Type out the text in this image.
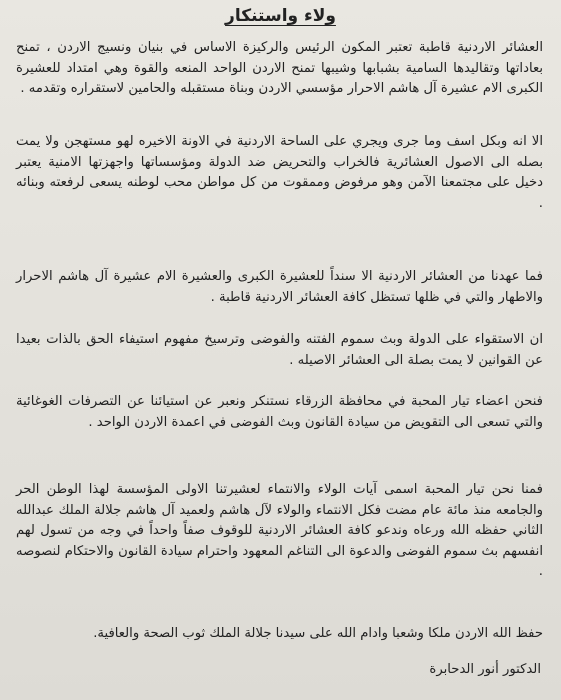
ولاء واستنكار

العشائر الاردنية قاطبة تعتبر المكون الرئيس والركيزة الاساس في بنيان ونسيج الاردن ، تمنح بعاداتها وتقاليدها السامية بشبابها وشيبها تمنح الاردن الواحد المنعه والقوة وهي امتداد للعشيرة الكبرى الام عشيرة آل هاشم الاحرار مؤسسي الاردن وبناة مستقبله والحامين لاستقراره وتقدمه .

الا انه وبكل اسف وما جرى ويجري على الساحة الاردنية في الاونة الاخيره لهو مستهجن ولا يمت بصله الى الاصول العشائرية فالخراب والتحريض ضد الدولة ومؤسساتها واجهزتها الامنية يعتبر دخيل على مجتمعنا الآمن وهو مرفوض وممقوت من كل مواطن محب لوطنه يسعى لرفعته وبنائه .

فما عهدنا من العشائر الاردنية الا سنداً للعشيرة الكبرى والعشيرة الام عشيرة آل هاشم الاحرار والاطهار والتي في ظلها تستظل كافة العشائر الاردنية قاطبة .

ان الاستقواء على الدولة وبث سموم الفتنه والفوضى وترسيخ مفهوم استيفاء الحق بالذات بعيدا عن القوانين لا يمت بصلة الى العشائر الاصيله .

فنحن اعضاء تيار المحبة في محافظة الزرقاء نستنكر ونعبر عن استيائنا عن التصرفات الغوغائية والتي تسعى الى التقويض من سيادة القانون وبث الفوضى في اعمدة الاردن الواحد .

فمنا نحن تيار المحبة اسمى آيات الولاء والانتماء لعشيرتنا الاولى المؤسسة لهذا الوطن الحر والجامعه منذ مائة عام مضت فكل الانتماء والولاء لآل هاشم ولعميد آل هاشم جلالة الملك عبدالله الثاني حفظه الله ورعاه وندعو كافة العشائر الاردنية للوقوف صفاً واحداً في وجه من تسول لهم انفسهم بث سموم الفوضى والدعوة الى التناغم المعهود واحترام سيادة القانون والاحتكام لنصوصه .

حفظ الله الاردن ملكا وشعبا وادام الله على سيدنا جلالة الملك ثوب الصحة والعافية.

الدكتور أنور الدحابرة
